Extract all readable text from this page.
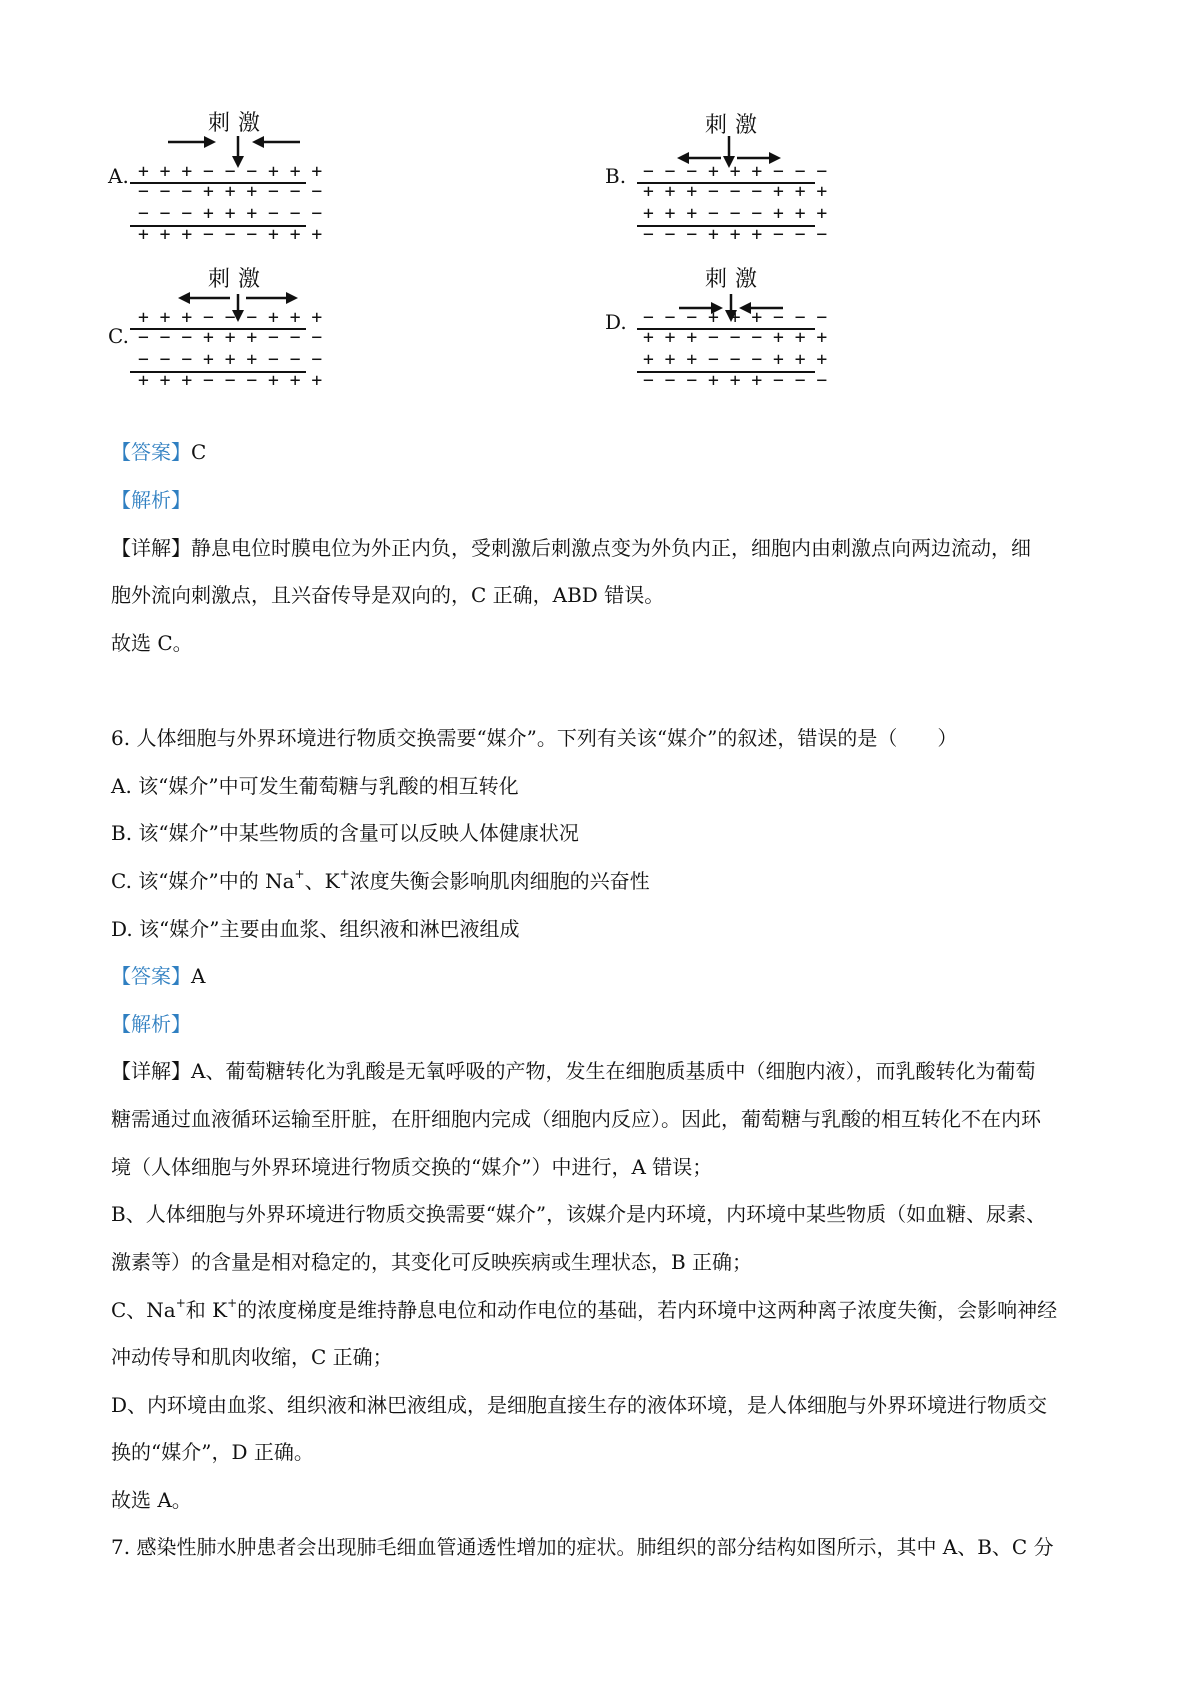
A.
刺激
+ + + − − − + + +
− − − + + + − − −
− − − + + + − − −
+ + + − − − + + +
B.
刺激
− − − + + + − − −
+ + + − − − + + +
+ + + − − − + + +
− − − + + + − − −
C.
刺激
+ + + − − − + + +
− − − + + + − − −
− − − + + + − − −
+ + + − − − + + +
D.
刺激
− − − + + + − − −
+ + + − − − + + +
+ + + − − − + + +
− − − + + + − − −
【答案】C
【解析】
【详解】静息电位时膜电位为外正内负，受刺激后刺激点变为外负内正，细胞内由刺激点向两边流动，细
胞外流向刺激点，且兴奋传导是双向的，C 正确，ABD 错误。
故选 C。
6. 人体细胞与外界环境进行物质交换需要“媒介”。下列有关该“媒介”的叙述，错误的是（　　）
A. 该“媒介”中可发生葡萄糖与乳酸的相互转化
B. 该“媒介”中某些物质的含量可以反映人体健康状况
C. 该“媒介”中的 Na+、K+浓度失衡会影响肌肉细胞的兴奋性
D. 该“媒介”主要由血浆、组织液和淋巴液组成
【答案】A
【解析】
【详解】A、葡萄糖转化为乳酸是无氧呼吸的产物，发生在细胞质基质中（细胞内液），而乳酸转化为葡萄
糖需通过血液循环运输至肝脏，在肝细胞内完成（细胞内反应）。因此，葡萄糖与乳酸的相互转化不在内环
境（人体细胞与外界环境进行物质交换的“媒介”）中进行，A 错误；
B、人体细胞与外界环境进行物质交换需要“媒介”，该媒介是内环境，内环境中某些物质（如血糖、尿素、
激素等）的含量是相对稳定的，其变化可反映疾病或生理状态，B 正确；
C、Na+和 K+的浓度梯度是维持静息电位和动作电位的基础，若内环境中这两种离子浓度失衡，会影响神经
冲动传导和肌肉收缩，C 正确；
D、内环境由血浆、组织液和淋巴液组成，是细胞直接生存的液体环境，是人体细胞与外界环境进行物质交
换的“媒介”，D 正确。
故选 A。
7. 感染性肺水肿患者会出现肺毛细血管通透性增加的症状。肺组织的部分结构如图所示，其中 A、B、C 分
